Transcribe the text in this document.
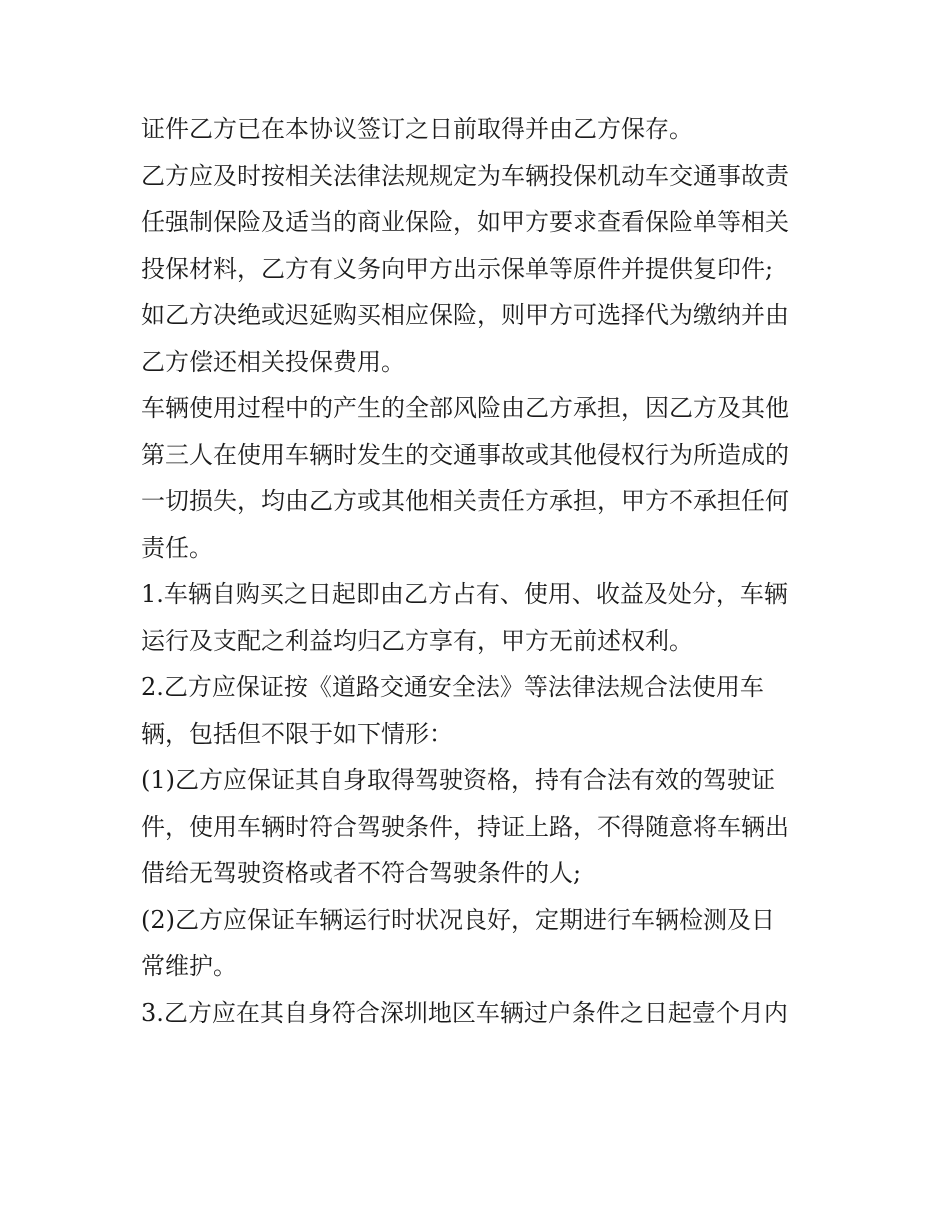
证件乙方已在本协议签订之日前取得并由乙方保存。
乙方应及时按相关法律法规规定为车辆投保机动车交通事故责
任强制保险及适当的商业保险，如甲方要求查看保险单等相关
投保材料，乙方有义务向甲方出示保单等原件并提供复印件;
如乙方决绝或迟延购买相应保险，则甲方可选择代为缴纳并由
乙方偿还相关投保费用。
车辆使用过程中的产生的全部风险由乙方承担，因乙方及其他
第三人在使用车辆时发生的交通事故或其他侵权行为所造成的
一切损失，均由乙方或其他相关责任方承担，甲方不承担任何
责任。
1.车辆自购买之日起即由乙方占有、使用、收益及处分，车辆
运行及支配之利益均归乙方享有，甲方无前述权利。
2.乙方应保证按《道路交通安全法》等法律法规合法使用车
辆，包括但不限于如下情形：
(1)乙方应保证其自身取得驾驶资格，持有合法有效的驾驶证
件，使用车辆时符合驾驶条件，持证上路，不得随意将车辆出
借给无驾驶资格或者不符合驾驶条件的人;
(2)乙方应保证车辆运行时状况良好，定期进行车辆检测及日
常维护。
3.乙方应在其自身符合深圳地区车辆过户条件之日起壹个月内
